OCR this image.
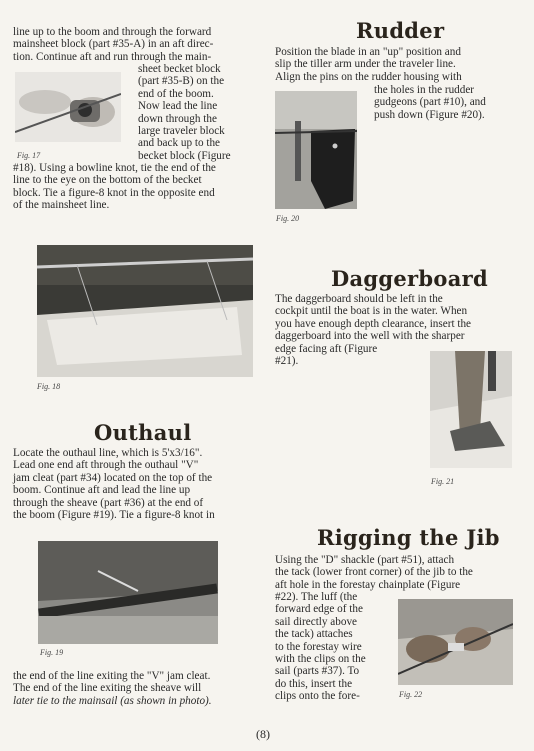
line up to the boom and through the forward
mainsheet block (part #35-A) in an aft direc-
tion. Continue aft and run through the main-
Fig. 17
sheet becket block
(part #35-B) on the
end of the boom.
Now lead the line
down through the
large traveler block
and back up to the
becket block (Figure
#18). Using a bowline knot, tie the end of the
line to the eye on the bottom of the becket
block. Tie a figure-8 knot in the opposite end
of the mainsheet line.
Fig. 18
Outhaul
Locate the outhaul line, which is 5'x3/16".
Lead one end aft through the outhaul "V"
jam cleat (part #34) located on the top of the
boom. Continue aft and lead the line up
through the sheave (part #36) at the end of
the boom (Figure #19). Tie a figure-8 knot in
Fig. 19
the end of the line exiting the "V" jam cleat.
The end of the line exiting the sheave will
later tie to the mainsail (as shown in photo).
Rudder
Position the blade in an "up" position and
slip the tiller arm under the traveler line.
Align the pins on the rudder housing with
Fig. 20
the holes in the rudder
gudgeons (part #10), and
push down (Figure #20).
Daggerboard
The daggerboard should be left in the
cockpit until the boat is in the water. When
you have enough depth clearance, insert the
daggerboard into the well with the sharper
edge facing aft (Figure
#21).
Fig. 21
Rigging the Jib
Using the "D" shackle (part #51), attach
the tack (lower front corner) of the jib to the
aft hole in the forestay chainplate (Figure
#22). The luff (the
forward edge of the
sail directly above
the tack) attaches
to the forestay wire
with the clips on the
sail (parts #37). To
do this, insert the
clips onto the fore-	Fig. 22
(8)
